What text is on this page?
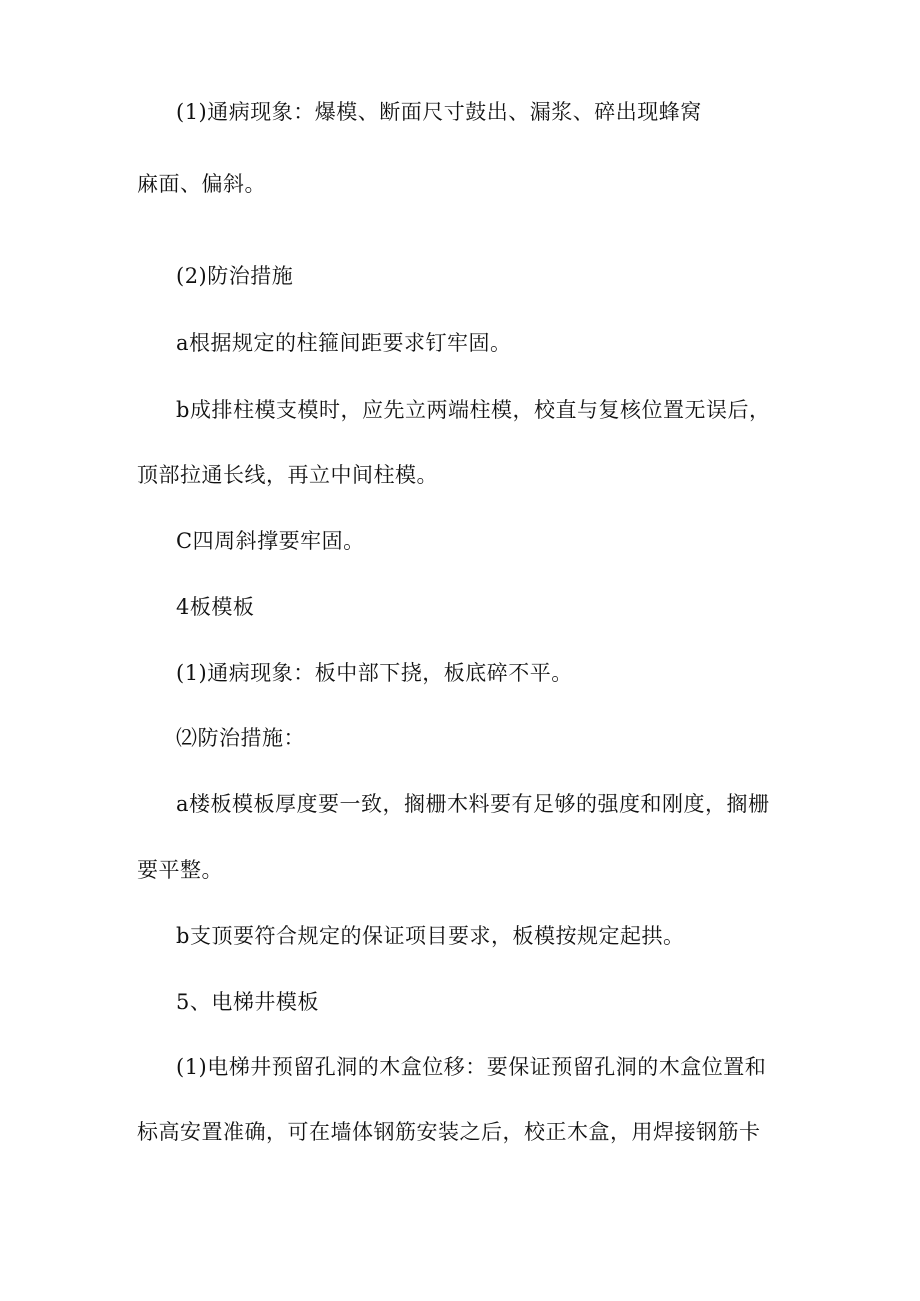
(1)通病现象：爆模、断面尺寸鼓出、漏浆、碎出现蜂窝
麻面、偏斜。
(2)防治措施
a根据规定的柱箍间距要求钉牢固。
b成排柱模支模时，应先立两端柱模，校直与复核位置无误后，
顶部拉通长线，再立中间柱模。
C四周斜撑要牢固。
4板模板
(1)通病现象：板中部下挠，板底碎不平。
⑵防治措施：
a楼板模板厚度要一致，搁栅木料要有足够的强度和刚度，搁栅
要平整。
b支顶要符合规定的保证项目要求，板模按规定起拱。
5、电梯井模板
(1)电梯井预留孔洞的木盒位移：要保证预留孔洞的木盒位置和
标高安置准确，可在墙体钢筋安装之后，校正木盒，用焊接钢筋卡
